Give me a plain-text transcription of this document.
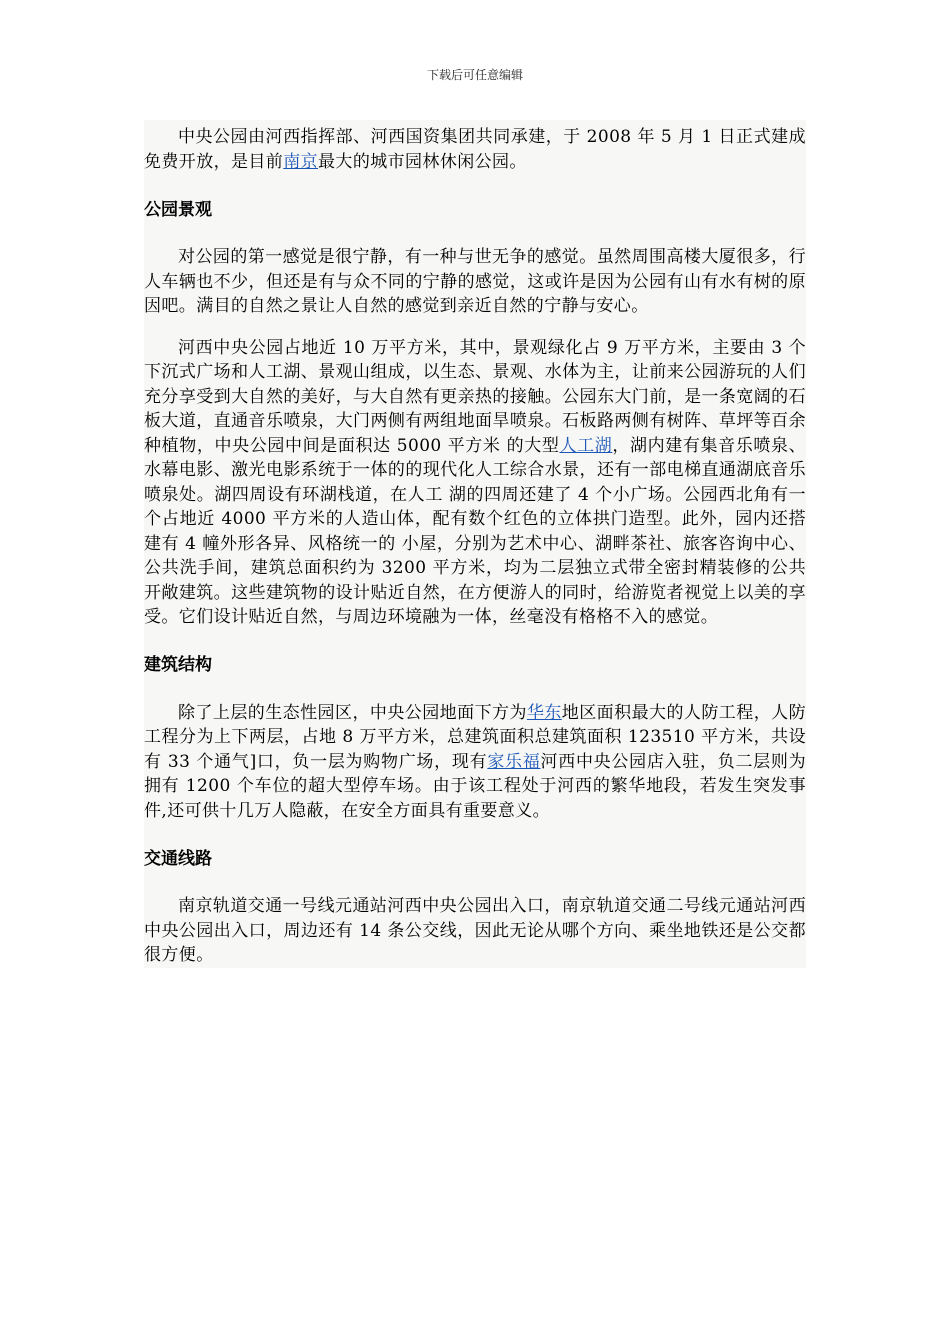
下载后可任意编辑

中央公园由河西指挥部、河西国资集团共同承建，于 2008 年 5 月 1 日正式建成免费开放，是目前南京最大的城市园林休闲公园。

公园景观

对公园的第一感觉是很宁静，有一种与世无争的感觉。虽然周围高楼大厦很多，行人车辆也不少，但还是有与众不同的宁静的感觉，这或许是因为公园有山有水有树的原因吧。满目的自然之景让人自然的感觉到亲近自然的宁静与安心。

河西中央公园占地近 10 万平方米，其中，景观绿化占 9 万平方米，主要由 3 个下沉式广场和人工湖、景观山组成，以生态、景观、水体为主，让前来公园游玩的人们充分享受到大自然的美好，与大自然有更亲热的接触。公园东大门前，是一条宽阔的石板大道，直通音乐喷泉，大门两侧有两组地面旱喷泉。石板路两侧有树阵、草坪等百余种植物，中央公园中间是面积达 5000 平方米 的大型人工湖，湖内建有集音乐喷泉、水幕电影、激光电影系统于一体的的现代化人工综合水景，还有一部电梯直通湖底音乐喷泉处。湖四周设有环湖栈道，在人工 湖的四周还建了 4 个小广场。公园西北角有一个占地近 4000 平方米的人造山体，配有数个红色的立体拱门造型。此外，园内还搭建有 4 幢外形各异、风格统一的 小屋，分别为艺术中心、湖畔茶社、旅客咨询中心、公共洗手间，建筑总面积约为 3200 平方米，均为二层独立式带全密封精装修的公共开敞建筑。这些建筑物的设计贴近自然，在方便游人的同时，给游览者视觉上以美的享受。它们设计贴近自然，与周边环境融为一体，丝毫没有格格不入的感觉。

建筑结构

除了上层的生态性园区，中央公园地面下方为华东地区面积最大的人防工程，人防工程分为上下两层，占地 8 万平方米，总建筑面积总建筑面积 123510 平方米，共设有 33 个通气]口，负一层为购物广场，现有家乐福河西中央公园店入驻，负二层则为拥有 1200 个车位的超大型停车场。由于该工程处于河西的繁华地段，若发生突发事件,还可供十几万人隐蔽，在安全方面具有重要意义。

交通线路

南京轨道交通一号线元通站河西中央公园出入口，南京轨道交通二号线元通站河西中央公园出入口，周边还有 14 条公交线，因此无论从哪个方向、乘坐地铁还是公交都很方便。
